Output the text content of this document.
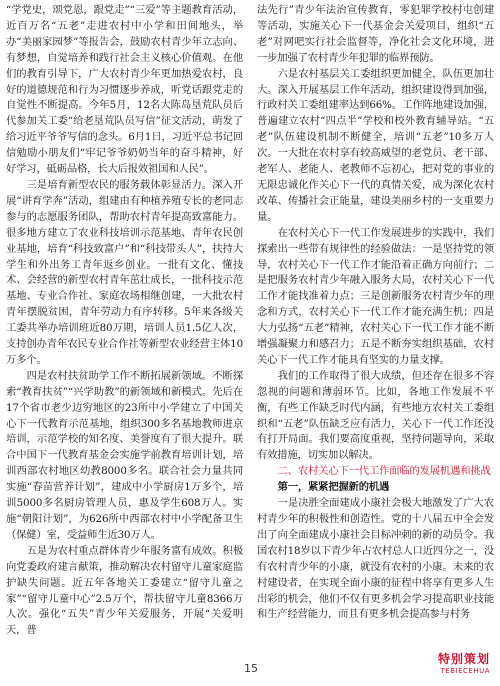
“学党史，颂党恩，跟党走”“三爱”等主题教育活动，近百万名“五老”走进农村中小学和田间地头，举办“美丽家园梦”等报告会，鼓励农村青少年立志向、有梦想，自觉培养和践行社会主义核心价值观。在他们的教育引导下，广大农村青少年更加热爱农村，良好的道德规范和行为习惯逐步养成，听党话跟党走的自觉性不断提高。今年5月，12名大陈岛垦荒队员后代参加关工委“给老垦荒队员写信”征文活动，萌发了给习近平爷爷写信的念头。6月1日，习近平总书记回信勉励小朋友们“牢记爷爷奶奶当年的奋斗精神，好好学习，砥砺品格，长大后报效祖国和人民”。

三是培育新型农民的服务载体彰显活力。深入开展“讲育学奔”活动，组建由有种植养殖专长的老同志参与的志愿服务团队，帮助农村青年提高致富能力。很多地方建立了农业科技培训示范基地、青年农民创业基地，培育“科技致富户”和“科技带头人”，扶持大学生和外出务工青年返乡创业。一批有文化、懂技术、会经营的新型农村青年茁壮成长，一批科技示范基地、专业合作社、家庭农场相继创建，一大批农村青年摆脱贫困，青年劳动力有序转移。5年来各级关工委共举办培训班近80万期，培训人员1.5亿人次，支持创办青年农民专业合作社等新型农业经营主体10万多个。

四是农村扶贫助学工作不断拓展新领域。不断探索“教育扶贫”“兴学助教”的新领域和新模式。先后在17个省市老少边穷地区的23所中小学建立了中国关心下一代教育示范基地，组织300多名基地教师进京培训，示范学校的知名度、美誉度有了很大提升。联合中国下一代教育基金会实施学前教育培训计划，培训西部农村地区幼教8000多名。联合社会力量共同实施“春苗营养计划”，建成中小学厨房1万多个，培训5000多名厨房管理人员，惠及学生608万人。实施“朝阳计划”，为626所中西部农村中小学配备卫生（保健）室，受益师生近30万人。

五是为农村重点群体青少年服务富有成效。积极向党委政府建言献策，推动解决农村留守儿童家庭监护缺失问题。近五年各地关工委建立“留守儿童之家”“留守儿童中心”2.5万个，帮扶留守儿童8366万人次。强化“五失”青少年关爱服务，开展“关爱明天，普

法先行”青少年法治宣传教育，零犯罪学校村屯创建等活动，实施关心下一代基金会关爱项目，组织“五老”对网吧实行社会监督等，净化社会文化环境，进一步加强了农村青少年犯罪的临界预防。

六是农村基层关工委组织更加健全，队伍更加壮大。深入开展基层工作年活动，组织建设得到加强，行政村关工委组建率达到66%。工作阵地建设加强，普遍建立农村“四点半”学校和校外教育辅导站。“五老”队伍建设机制不断健全，培训“五老”10多万人次。一大批在农村享有较高威望的老党员、老干部、老军人、老能人、老教师不忘初心，把对党的事业的无限忠诚化作关心下一代的真情关爱，成为深化农村改革、传播社会正能量，建设美丽乡村的一支重要力量。

在农村关心下一代工作发展进步的实践中，我们探索出一些带有规律性的经验做法：一是坚持党的领导，农村关心下一代工作才能沿着正确方向前行；二是把服务农村青少年融入服务大局，农村关心下一代工作才能找准着力点；三是创新服务农村青少年的理念和方式，农村关心下一代工作才能充满生机；四是大力弘扬“五老”精神，农村关心下一代工作才能不断增强凝聚力和感召力；五是不断夯实组织基础，农村关心下一代工作才能具有坚实的力量支撑。

我们的工作取得了很大成绩，但还存在很多不容忽视的问题和薄弱环节。比如，各地工作发展不平衡，有些工作缺乏时代内涵，有些地方农村关工委组织和“五老”队伍缺乏应有活力，关心下一代工作还没有打开局面。我们要高度重视，坚持问题导向，采取有效措施，切实加以解决。

二、农村关心下一代工作面临的发展机遇和挑战

第一，紧紧把握新的机遇

一是决胜全面建成小康社会极大地激发了广大农村青少年的积极性和创造性。党的十八届五中全会发出了向全面建成小康社会目标冲刺的新的动员令。我国农村18岁以下青少年占农村总人口近四分之一，没有农村青少年的小康，就没有农村的小康。未来的农村建设者，在实现全面小康的征程中将享有更多人生出彩的机会，他们不仅有更多机会学习提高职业技能和生产经营能力，而且有更多机会提高参与村务

15
特别策划
TEBIECEHUA
